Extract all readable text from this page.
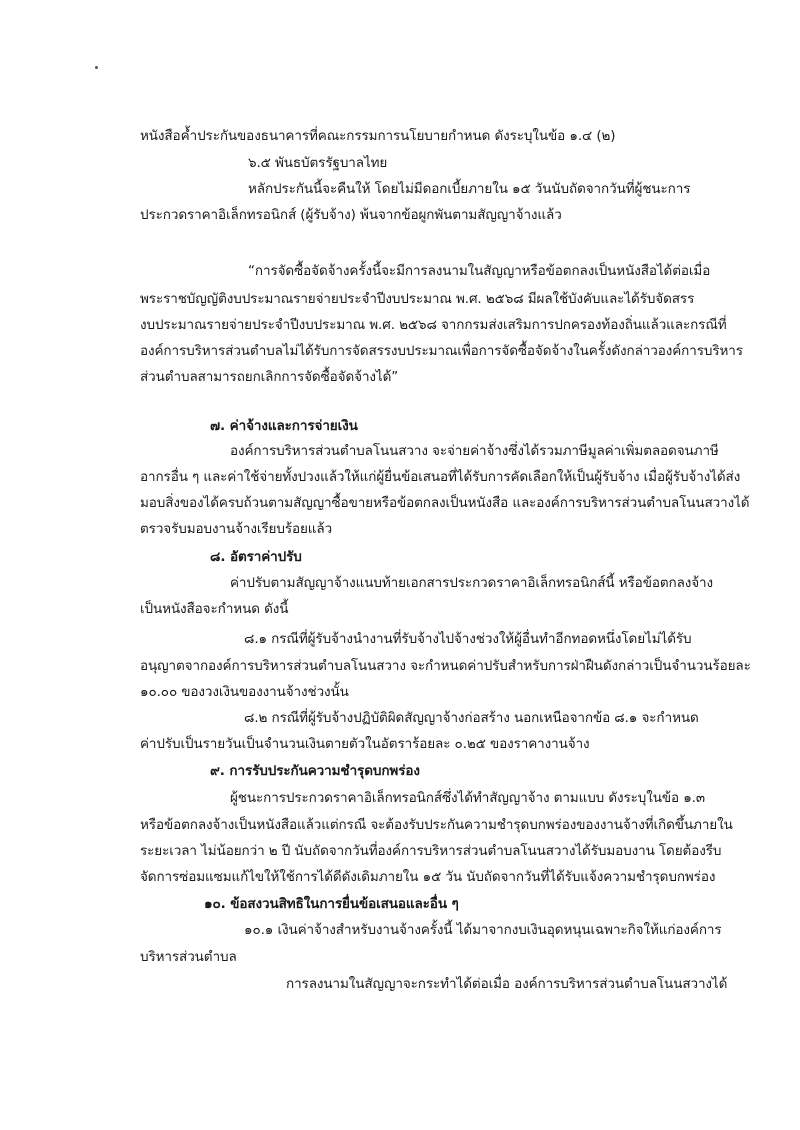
หนังสือค้ำประกันของธนาคารที่คณะกรรมการนโยบายกำหนด ดังระบุในข้อ ๑.๔ (๒)
๖.๕ พันธบัตรรัฐบาลไทย
หลักประกันนี้จะคืนให้ โดยไม่มีดอกเบี้ยภายใน ๑๕ วันนับถัดจากวันที่ผู้ชนะการ
ประกวดราคาอิเล็กทรอนิกส์ (ผู้รับจ้าง) พ้นจากข้อผูกพันตามสัญญาจ้างแล้ว
“การจัดซื้อจัดจ้างครั้งนี้จะมีการลงนามในสัญญาหรือข้อตกลงเป็นหนังสือได้ต่อเมื่อ
พระราชบัญญัติงบประมาณรายจ่ายประจำปีงบประมาณ พ.ศ. ๒๕๖๘ มีผลใช้บังคับและได้รับจัดสรร
งบประมาณรายจ่ายประจำปีงบประมาณ พ.ศ. ๒๕๖๘ จากกรมส่งเสริมการปกครองท้องถิ่นแล้วและกรณีที่
องค์การบริหารส่วนตำบลไม่ได้รับการจัดสรรงบประมาณเพื่อการจัดซื้อจัดจ้างในครั้งดังกล่าวองค์การบริหาร
ส่วนตำบลสามารถยกเลิกการจัดซื้อจัดจ้างได้”
๗. ค่าจ้างและการจ่ายเงิน
องค์การบริหารส่วนตำบลโนนสวาง จะจ่ายค่าจ้างซึ่งได้รวมภาษีมูลค่าเพิ่มตลอดจนภาษี
อากรอื่น ๆ และค่าใช้จ่ายทั้งปวงแล้วให้แก่ผู้ยื่นข้อเสนอที่ได้รับการคัดเลือกให้เป็นผู้รับจ้าง เมื่อผู้รับจ้างได้ส่ง
มอบสิ่งของได้ครบถ้วนตามสัญญาซื้อขายหรือข้อตกลงเป็นหนังสือ และองค์การบริหารส่วนตำบลโนนสวางได้
ตรวจรับมอบงานจ้างเรียบร้อยแล้ว
๘. อัตราค่าปรับ
ค่าปรับตามสัญญาจ้างแนบท้ายเอกสารประกวดราคาอิเล็กทรอนิกส์นี้ หรือข้อตกลงจ้าง
เป็นหนังสือจะกำหนด ดังนี้
๘.๑ กรณีที่ผู้รับจ้างนำงานที่รับจ้างไปจ้างช่วงให้ผู้อื่นทำอีกทอดหนึ่งโดยไม่ได้รับ
อนุญาตจากองค์การบริหารส่วนตำบลโนนสวาง จะกำหนดค่าปรับสำหรับการฝ่าฝืนดังกล่าวเป็นจำนวนร้อยละ
๑๐.๐๐ ของวงเงินของงานจ้างช่วงนั้น
๘.๒ กรณีที่ผู้รับจ้างปฏิบัติผิดสัญญาจ้างก่อสร้าง นอกเหนือจากข้อ ๘.๑ จะกำหนด
ค่าปรับเป็นรายวันเป็นจำนวนเงินตายตัวในอัตราร้อยละ ๐.๒๕ ของราคางานจ้าง
๙. การรับประกันความชำรุดบกพร่อง
ผู้ชนะการประกวดราคาอิเล็กทรอนิกส์ซึ่งได้ทำสัญญาจ้าง ตามแบบ ดังระบุในข้อ ๑.๓
หรือข้อตกลงจ้างเป็นหนังสือแล้วแต่กรณี จะต้องรับประกันความชำรุดบกพร่องของงานจ้างที่เกิดขึ้นภายใน
ระยะเวลา ไม่น้อยกว่า ๒ ปี นับถัดจากวันที่องค์การบริหารส่วนตำบลโนนสวางได้รับมอบงาน โดยต้องรีบ
จัดการซ่อมแซมแก้ไขให้ใช้การได้ดีดังเดิมภายใน ๑๕ วัน นับถัดจากวันที่ได้รับแจ้งความชำรุดบกพร่อง
๑๐. ข้อสงวนสิทธิในการยื่นข้อเสนอและอื่น ๆ
๑๐.๑ เงินค่าจ้างสำหรับงานจ้างครั้งนี้ ได้มาจากงบเงินอุดหนุนเฉพาะกิจให้แก่องค์การ
บริหารส่วนตำบล
การลงนามในสัญญาจะกระทำได้ต่อเมื่อ องค์การบริหารส่วนตำบลโนนสวางได้
